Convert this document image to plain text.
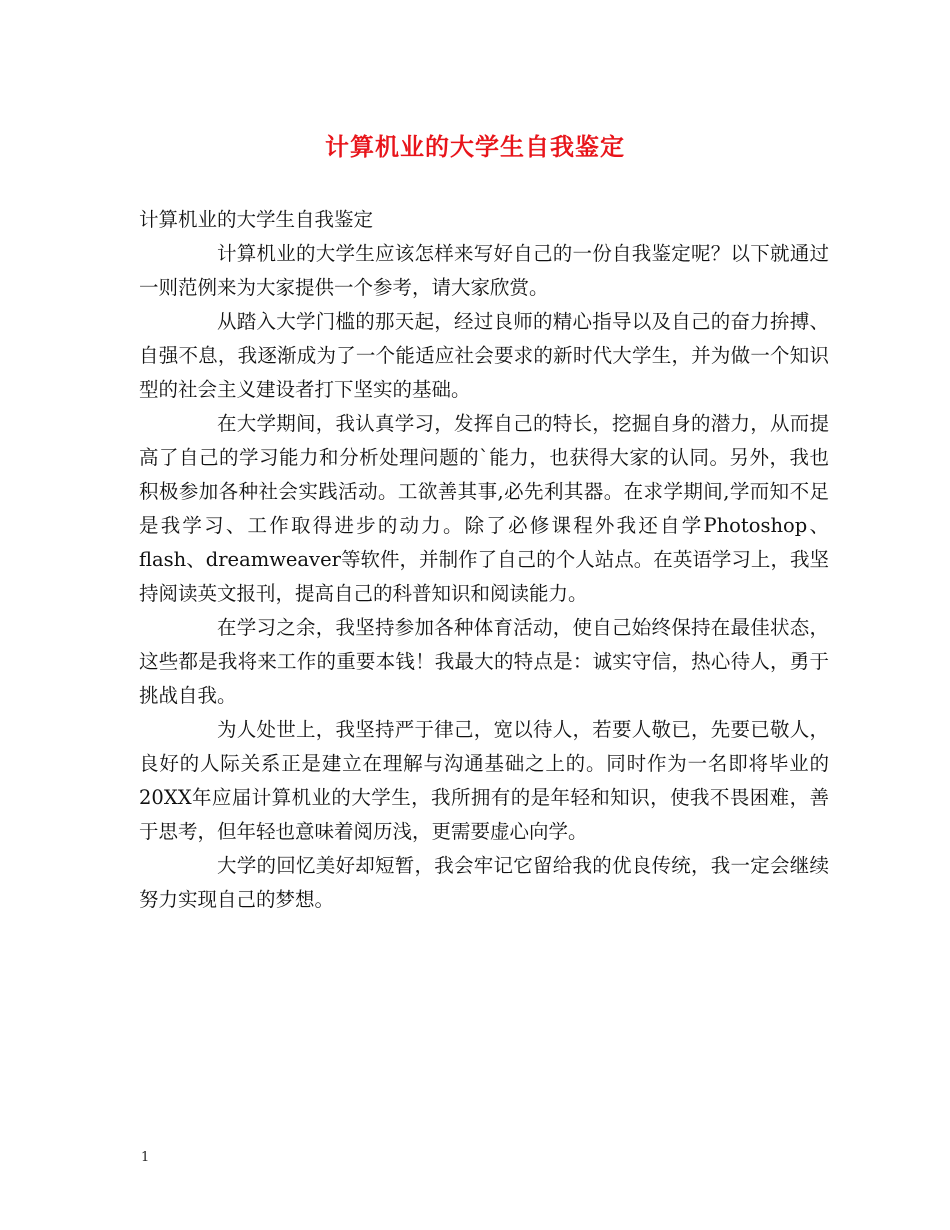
计算机业的大学生自我鉴定

计算机业的大学生自我鉴定

计算机业的大学生应该怎样来写好自己的一份自我鉴定呢？以下就通过一则范例来为大家提供一个参考，请大家欣赏。

从踏入大学门槛的那天起，经过良师的精心指导以及自己的奋力拚搏、自强不息，我逐渐成为了一个能适应社会要求的新时代大学生，并为做一个知识型的社会主义建设者打下坚实的基础。

在大学期间，我认真学习，发挥自己的特长，挖掘自身的潜力，从而提高了自己的学习能力和分析处理问题的`能力，也获得大家的认同。另外，我也积极参加各种社会实践活动。工欲善其事,必先利其器。在求学期间,学而知不足是我学习、工作取得进步的动力。除了必修课程外我还自学Photoshop、flash、dreamweaver等软件，并制作了自己的个人站点。在英语学习上，我坚持阅读英文报刊，提高自己的科普知识和阅读能力。

在学习之余，我坚持参加各种体育活动，使自己始终保持在最佳状态，这些都是我将来工作的重要本钱！我最大的特点是：诚实守信，热心待人，勇于挑战自我。

为人处世上，我坚持严于律己，宽以待人，若要人敬已，先要已敬人，良好的人际关系正是建立在理解与沟通基础之上的。同时作为一名即将毕业的20XX年应届计算机业的大学生，我所拥有的是年轻和知识，使我不畏困难，善于思考，但年轻也意味着阅历浅，更需要虚心向学。

大学的回忆美好却短暂，我会牢记它留给我的优良传统，我一定会继续努力实现自己的梦想。

1
